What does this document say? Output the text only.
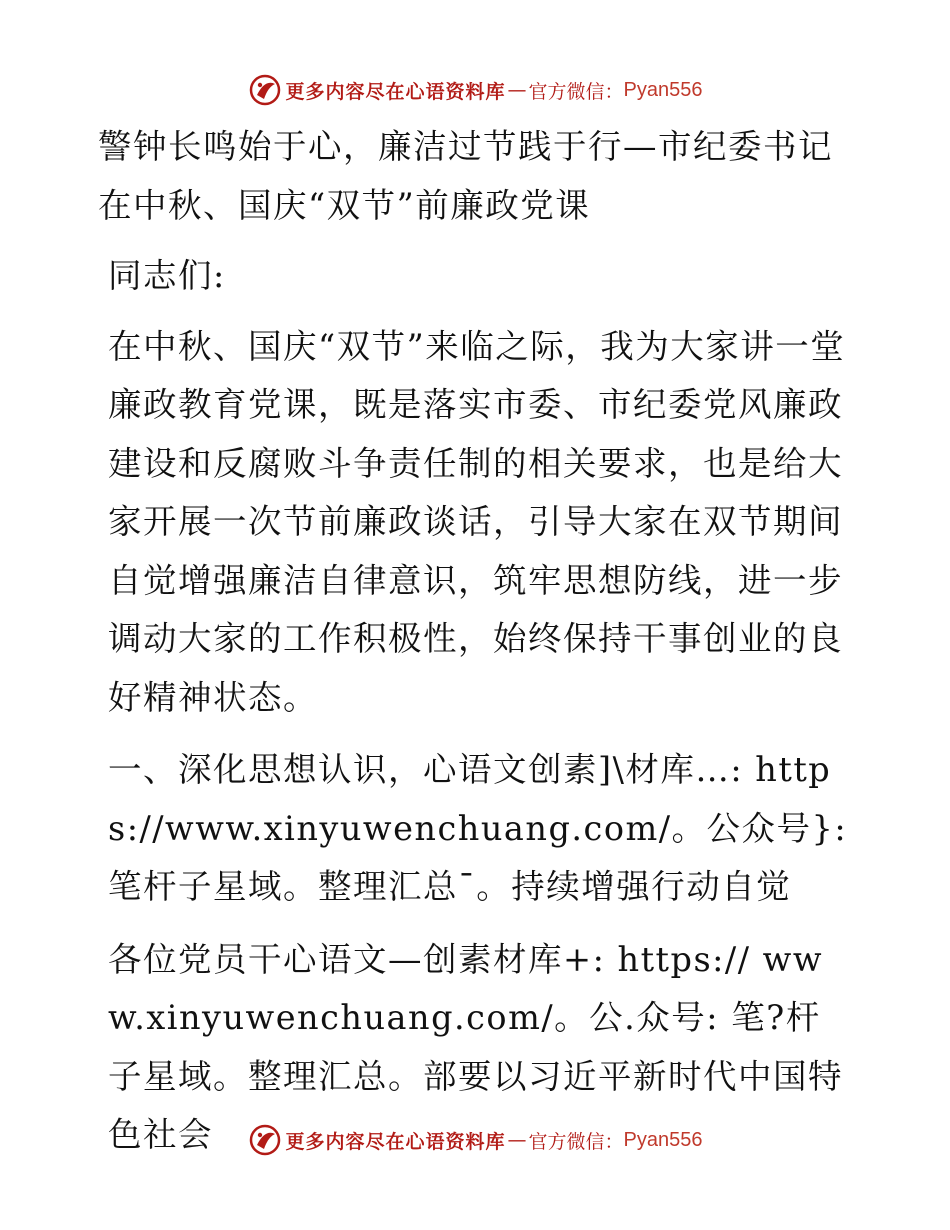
更多内容尽在心语资料库 — 官方微信： Pyan556

警钟长鸣始于心，廉洁过节践于行—市纪委书记在中秋、国庆“双节”前廉政党课

同志们:

在中秋、国庆“双节”来临之际，我为大家讲一堂廉政教育党课，既是落实市委、市纪委党风廉政建设和反腐败斗争责任制的相关要求，也是给大家开展一次节前廉政谈话，引导大家在双节期间自觉增强廉洁自律意识，筑牢思想防线，进一步调动大家的工作积极性，始终保持干事创业的良好精神状态。

一、深化思想认识，心语文创素]\材库…: https://www.xinyuwenchuang.com/。公众号}: 笔杆子星域。整理汇总¯。持续增强行动自觉

各位党员干心语文—创素材库+: https:// www.xinyuwenchuang.com/。公.众号: 笔?杆子星域。整理汇总。部要以习近平新时代中国特色社会	更多内容尽在心语资料库 — 官方微信： Pyan556
